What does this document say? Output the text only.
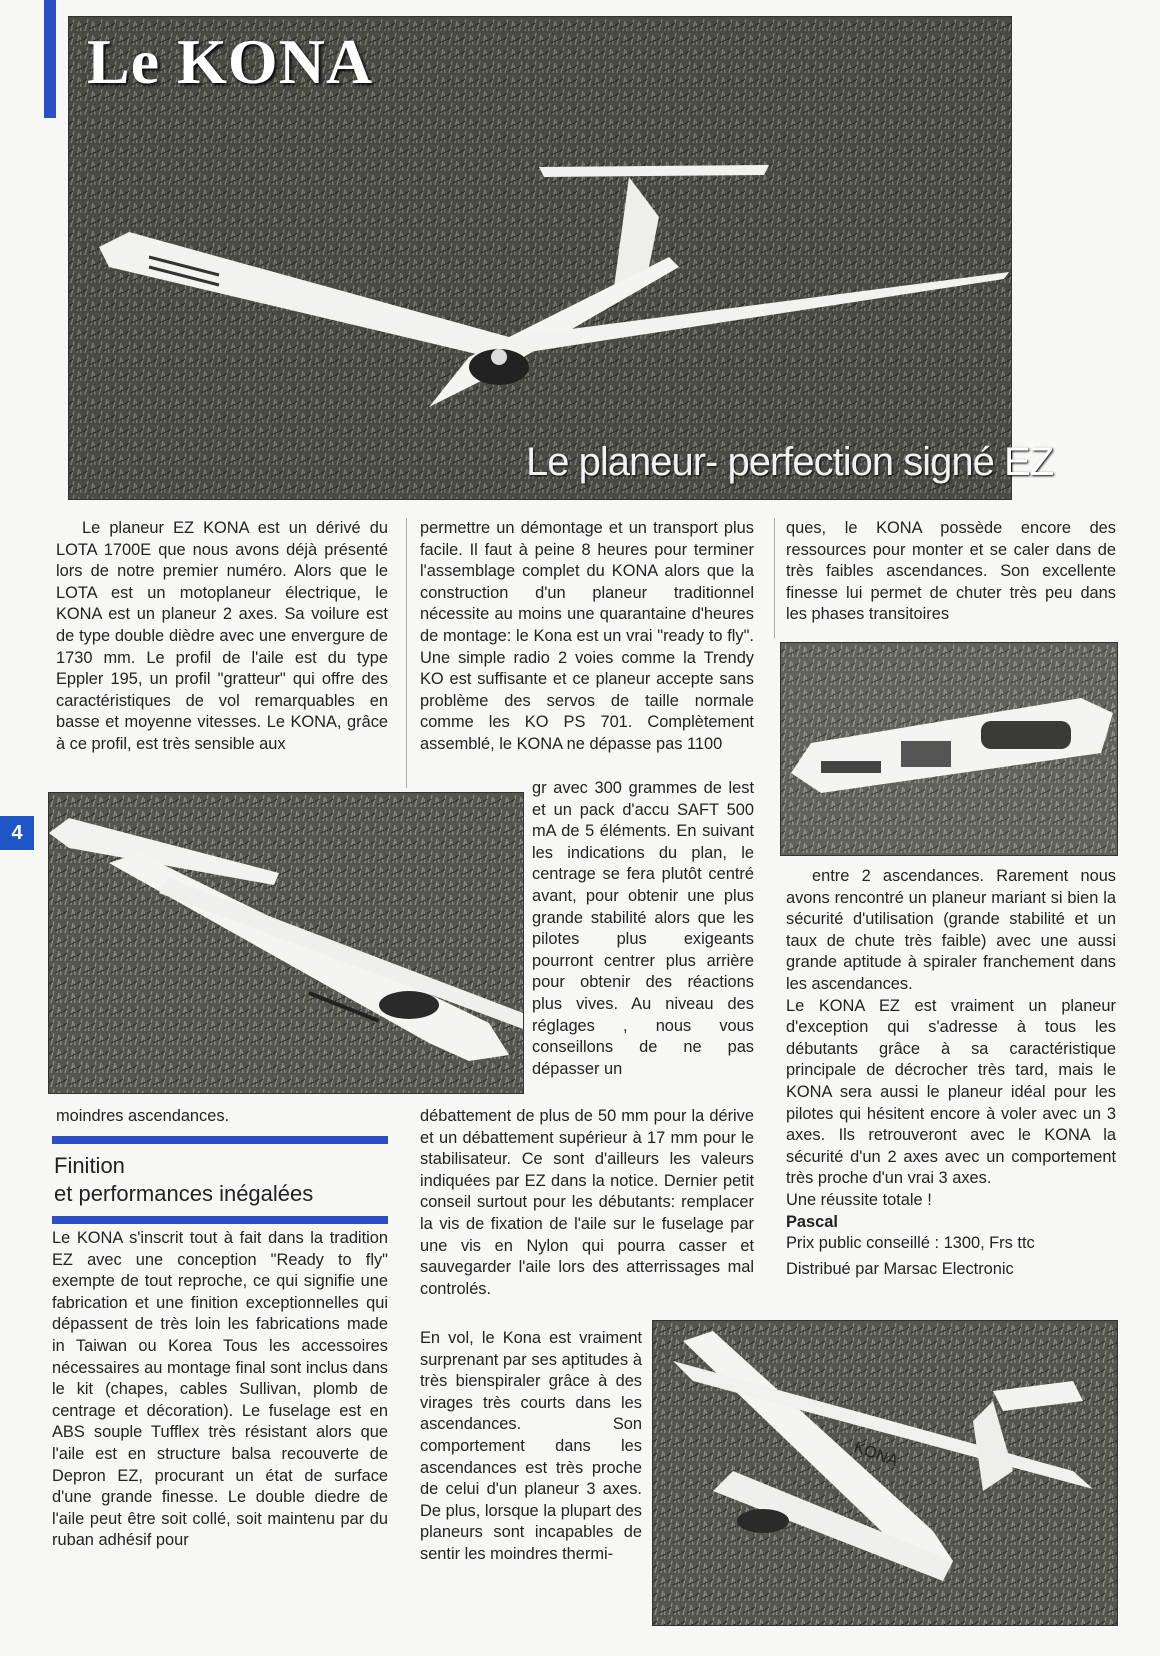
Le KONA
Le planeur- perfection signé EZ
4

Le planeur EZ KONA est un dérivé du LOTA 1700E que nous avons déjà présenté lors de notre premier numéro. Alors que le LOTA est un motoplaneur électrique, le KONA est un planeur 2 axes. Sa voilure est de type double dièdre avec une envergure de 1730 mm. Le profil de l'aile est du type Eppler 195, un profil "gratteur" qui offre des caractéristiques de vol remarquables en basse et moyenne vitesses. Le KONA, grâce à ce profil, est très sensible aux

moindres ascendances.

Finition
et performances inégalées

Le KONA s'inscrit tout à fait dans la tradition EZ avec une conception "Ready to fly" exempte de tout reproche, ce qui signifie une fabrication et une finition exceptionnelles qui dépassent de très loin les fabrications made in Taiwan ou Korea Tous les accessoires nécessaires au montage final sont inclus dans le kit (chapes, cables Sullivan, plomb de centrage et décoration). Le fuselage est en ABS souple Tufflex très résistant alors que l'aile est en structure balsa recouverte de Depron EZ, procurant un état de surface d'une grande finesse. Le double diedre de l'aile peut être soit collé, soit maintenu par du ruban adhésif pour

permettre un démontage et un transport plus facile. Il faut à peine 8 heures pour terminer l'assemblage complet du KONA alors que la construction d'un planeur traditionnel nécessite au moins une quarantaine d'heures de montage: le Kona est un vrai "ready to fly". Une simple radio 2 voies comme la Trendy KO est suffisante et ce planeur accepte sans problème des servos de taille normale comme les KO PS 701. Complètement assemblé, le KONA ne dépasse pas 1100

gr avec 300 grammes de lest et un pack d'accu SAFT 500 mA de 5 éléments. En suivant les indications du plan, le centrage se fera plutôt centré avant, pour obtenir une plus grande stabilité alors que les pilotes plus exigeants pourront centrer plus arrière pour obtenir des réactions plus vives. Au niveau des réglages , nous vous conseillons de ne pas dépasser un

débattement de plus de 50 mm pour la dérive et un débattement supérieur à 17 mm pour le stabilisateur. Ce sont d'ailleurs les valeurs indiquées par EZ dans la notice. Dernier petit conseil surtout pour les débutants: remplacer la vis de fixation de l'aile sur le fuselage par une vis en Nylon qui pourra casser et sauvegarder l'aile lors des atterrissages mal controlés.

En vol, le Kona est vraiment surprenant par ses aptitudes à très bienspiraler grâce à des virages très courts dans les ascendances. Son comportement dans les ascendances est très proche de celui d'un planeur 3 axes. De plus, lorsque la plupart des planeurs sont incapables de sentir les moindres thermi-

ques, le KONA possède encore des ressources pour monter et se caler dans de très faibles ascendances. Son excellente finesse lui permet de chuter très peu dans les phases transitoires

entre 2 ascendances. Rarement nous avons rencontré un planeur mariant si bien la sécurité d'utilisation (grande stabilité et un taux de chute très faible) avec une aussi grande aptitude à spiraler franchement dans les ascendances.

Le KONA EZ est vraiment un planeur d'exception qui s'adresse à tous les débutants grâce à sa caractéristique principale de décrocher très tard, mais le KONA sera aussi le planeur idéal pour les pilotes qui hésitent encore à voler avec un 3 axes. Ils retrouveront avec le KONA la sécurité d'un 2 axes avec un comportement très proche d'un vrai 3 axes.

Une réussite totale !

Pascal

Prix public conseillé : 1300, Frs ttc

Distribué par Marsac Electronic

KONA
